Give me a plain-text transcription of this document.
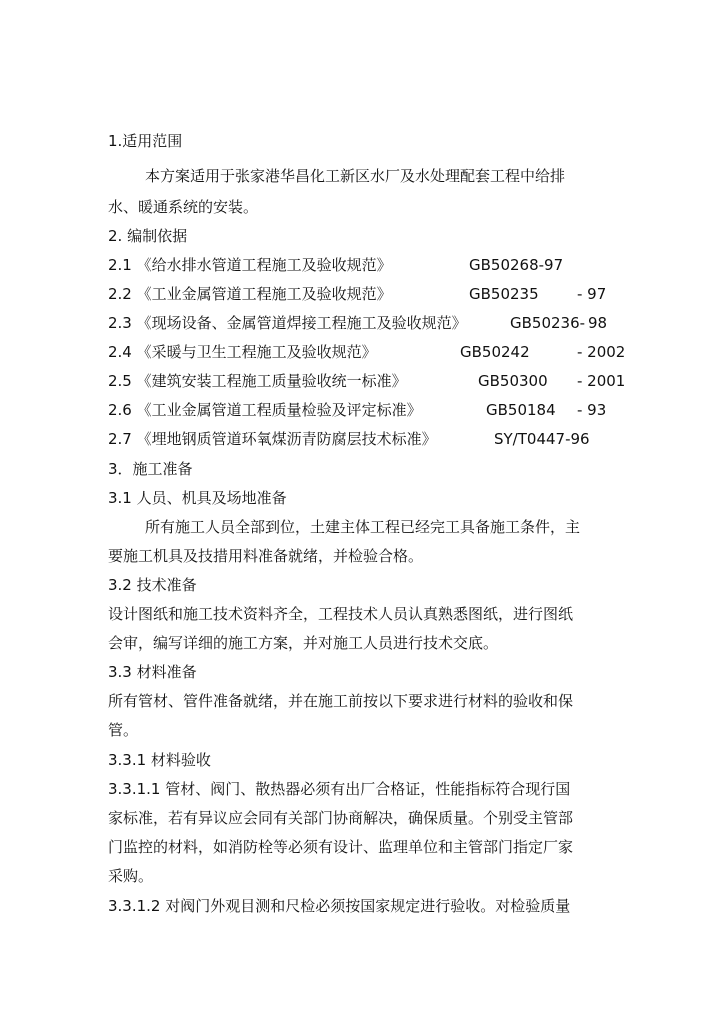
1.适用范围

本方案适用于张家港华昌化工新区水厂及水处理配套工程中给排

水、暖通系统的安装。

2. 编制依据

2.1 《给水排水管道工程施工及验收规范》	GB50268-97

2.2 《工业金属管道工程施工及验收规范》	GB50235	- 97

2.3 《现场设备、金属管道焊接工程施工及验收规范》	GB50236- 98

2.4 《采暖与卫生工程施工及验收规范》	GB50242	- 2002

2.5 《建筑安装工程施工质量验收统一标准》	GB50300 - 2001

2.6 《工业金属管道工程质量检验及评定标准》	GB50184 - 93

2.7 《埋地钢质管道环氧煤沥青防腐层技术标准》	SY/T0447-96

3．施工准备

3.1 人员、机具及场地准备

所有施工人员全部到位，土建主体工程已经完工具备施工条件，主

要施工机具及技措用料准备就绪，并检验合格。

3.2 技术准备

设计图纸和施工技术资料齐全，工程技术人员认真熟悉图纸，进行图纸

会审，编写详细的施工方案，并对施工人员进行技术交底。

3.3 材料准备

所有管材、管件准备就绪，并在施工前按以下要求进行材料的验收和保

管。

3.3.1 材料验收

3.3.1.1 管材、阀门、散热器必须有出厂合格证，性能指标符合现行国

家标准，若有异议应会同有关部门协商解决，确保质量。个别受主管部

门监控的材料，如消防栓等必须有设计、监理单位和主管部门指定厂家

采购。

3.3.1.2 对阀门外观目测和尺检必须按国家规定进行验收。对检验质量
